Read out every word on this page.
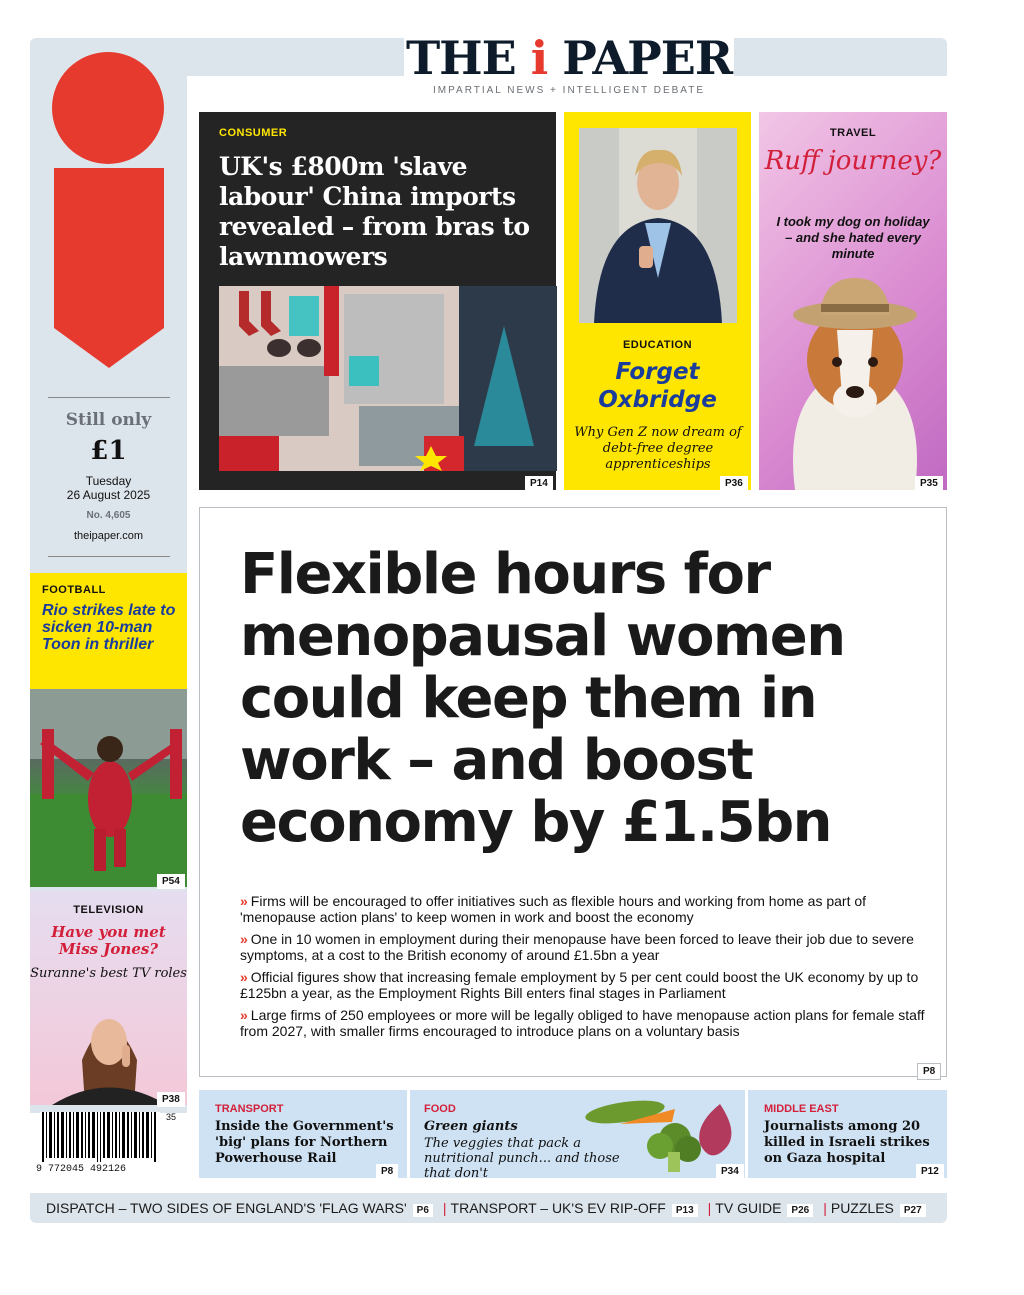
THE i PAPER
IMPARTIAL NEWS + INTELLIGENT DEBATE
Still only
£1
Tuesday
26 August 2025
No. 4,605
theipaper.com
FOOTBALL
Rio strikes late to sicken 10-man Toon in thriller
P54
TELEVISION
Have you met Miss Jones?
Suranne's best TV roles
P38
9 772045 492126
35
CONSUMER
UK's £800m 'slave labour' China imports revealed – from bras to lawnmowers
P14
EDUCATION
Forget Oxbridge
Why Gen Z now dream of debt-free degree apprenticeships
P36
TRAVEL
Ruff journey?
I took my dog on holiday – and she hated every minute
P35
Flexible hours for menopausal women could keep them in work – and boost economy by £1.5bn
» Firms will be encouraged to offer initiatives such as flexible hours and working from home as part of 'menopause action plans' to keep women in work and boost the economy
» One in 10 women in employment during their menopause have been forced to leave their job due to severe symptoms, at a cost to the British economy of around £1.5bn a year
» Official figures show that increasing female employment by 5 per cent could boost the UK economy by up to £125bn a year, as the Employment Rights Bill enters final stages in Parliament
» Large firms of 250 employees or more will be legally obliged to have menopause action plans for female staff from 2027, with smaller firms encouraged to introduce plans on a voluntary basis
P8
TRANSPORT
Inside the Government's 'big' plans for Northern Powerhouse Rail
P8
FOOD
Green giants
The veggies that pack a nutritional punch... and those that don't	P34
MIDDLE EAST
Journalists among 20 killed in Israeli strikes on Gaza hospital
P12
DISPATCH – TWO SIDES OF ENGLAND'S 'FLAG WARS' P6 | TRANSPORT – UK'S EV RIP-OFF P13 | TV GUIDE P26 | PUZZLES P27
